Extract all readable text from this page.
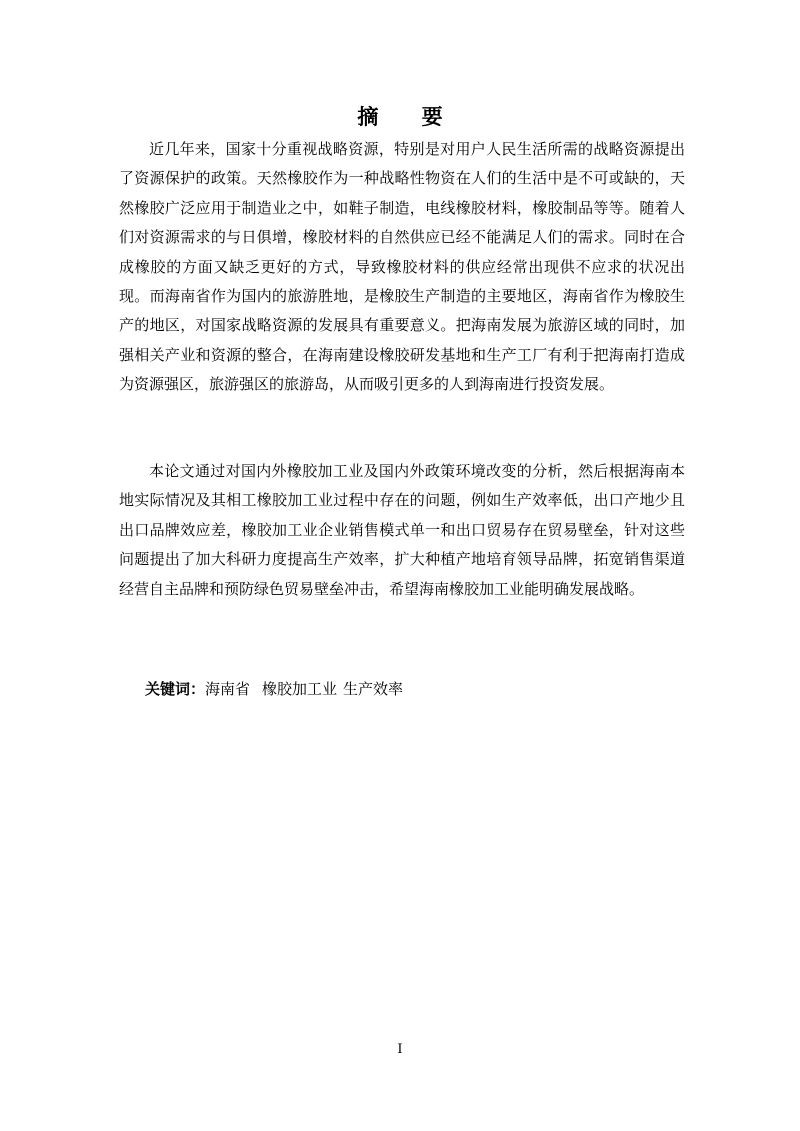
摘 要

近几年来，国家十分重视战略资源，特别是对用户人民生活所需的战略资源提出了资源保护的政策。天然橡胶作为一种战略性物资在人们的生活中是不可或缺的，天然橡胶广泛应用于制造业之中，如鞋子制造，电线橡胶材料，橡胶制品等等。随着人们对资源需求的与日俱增，橡胶材料的自然供应已经不能满足人们的需求。同时在合成橡胶的方面又缺乏更好的方式，导致橡胶材料的供应经常出现供不应求的状况出现。而海南省作为国内的旅游胜地，是橡胶生产制造的主要地区，海南省作为橡胶生产的地区，对国家战略资源的发展具有重要意义。把海南发展为旅游区域的同时，加强相关产业和资源的整合，在海南建设橡胶研发基地和生产工厂有利于把海南打造成为资源强区，旅游强区的旅游岛，从而吸引更多的人到海南进行投资发展。

本论文通过对国内外橡胶加工业及国内外政策环境改变的分析，然后根据海南本地实际情况及其相工橡胶加工业过程中存在的问题，例如生产效率低，出口产地少且出口品牌效应差，橡胶加工业企业销售模式单一和出口贸易存在贸易壁垒，针对这些问题提出了加大科研力度提高生产效率，扩大种植产地培育领导品牌，拓宽销售渠道经营自主品牌和预防绿色贸易壁垒冲击，希望海南橡胶加工业能明确发展战略。

关键词：海南省 橡胶加工业 生产效率
I
